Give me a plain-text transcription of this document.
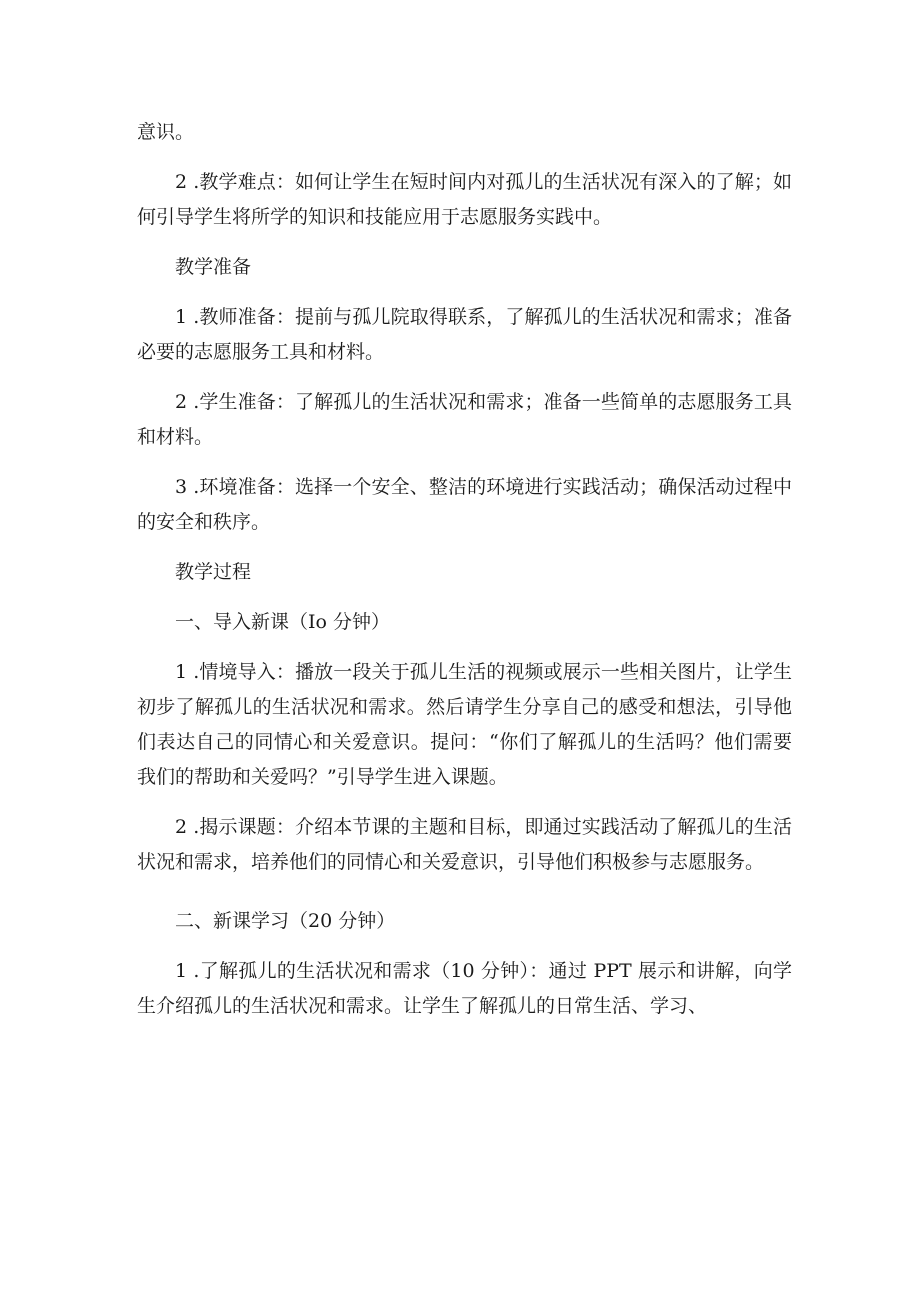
意识。

2 .教学难点：如何让学生在短时间内对孤儿的生活状况有深入的了解；如何引导学生将所学的知识和技能应用于志愿服务实践中。

教学准备

1 .教师准备：提前与孤儿院取得联系，了解孤儿的生活状况和需求；准备必要的志愿服务工具和材料。

2 .学生准备：了解孤儿的生活状况和需求；准备一些简单的志愿服务工具和材料。

3 .环境准备：选择一个安全、整洁的环境进行实践活动；确保活动过程中的安全和秩序。

教学过程

一、导入新课（Io 分钟）

1 .情境导入：播放一段关于孤儿生活的视频或展示一些相关图片，让学生初步了解孤儿的生活状况和需求。然后请学生分享自己的感受和想法，引导他们表达自己的同情心和关爱意识。提问：“你们了解孤儿的生活吗？他们需要我们的帮助和关爱吗？”引导学生进入课题。

2 .揭示课题：介绍本节课的主题和目标，即通过实践活动了解孤儿的生活状况和需求，培养他们的同情心和关爱意识，引导他们积极参与志愿服务。

二、新课学习（20 分钟）

1 .了解孤儿的生活状况和需求（10 分钟）：通过 PPT 展示和讲解，向学生介绍孤儿的生活状况和需求。让学生了解孤儿的日常生活、学习、
